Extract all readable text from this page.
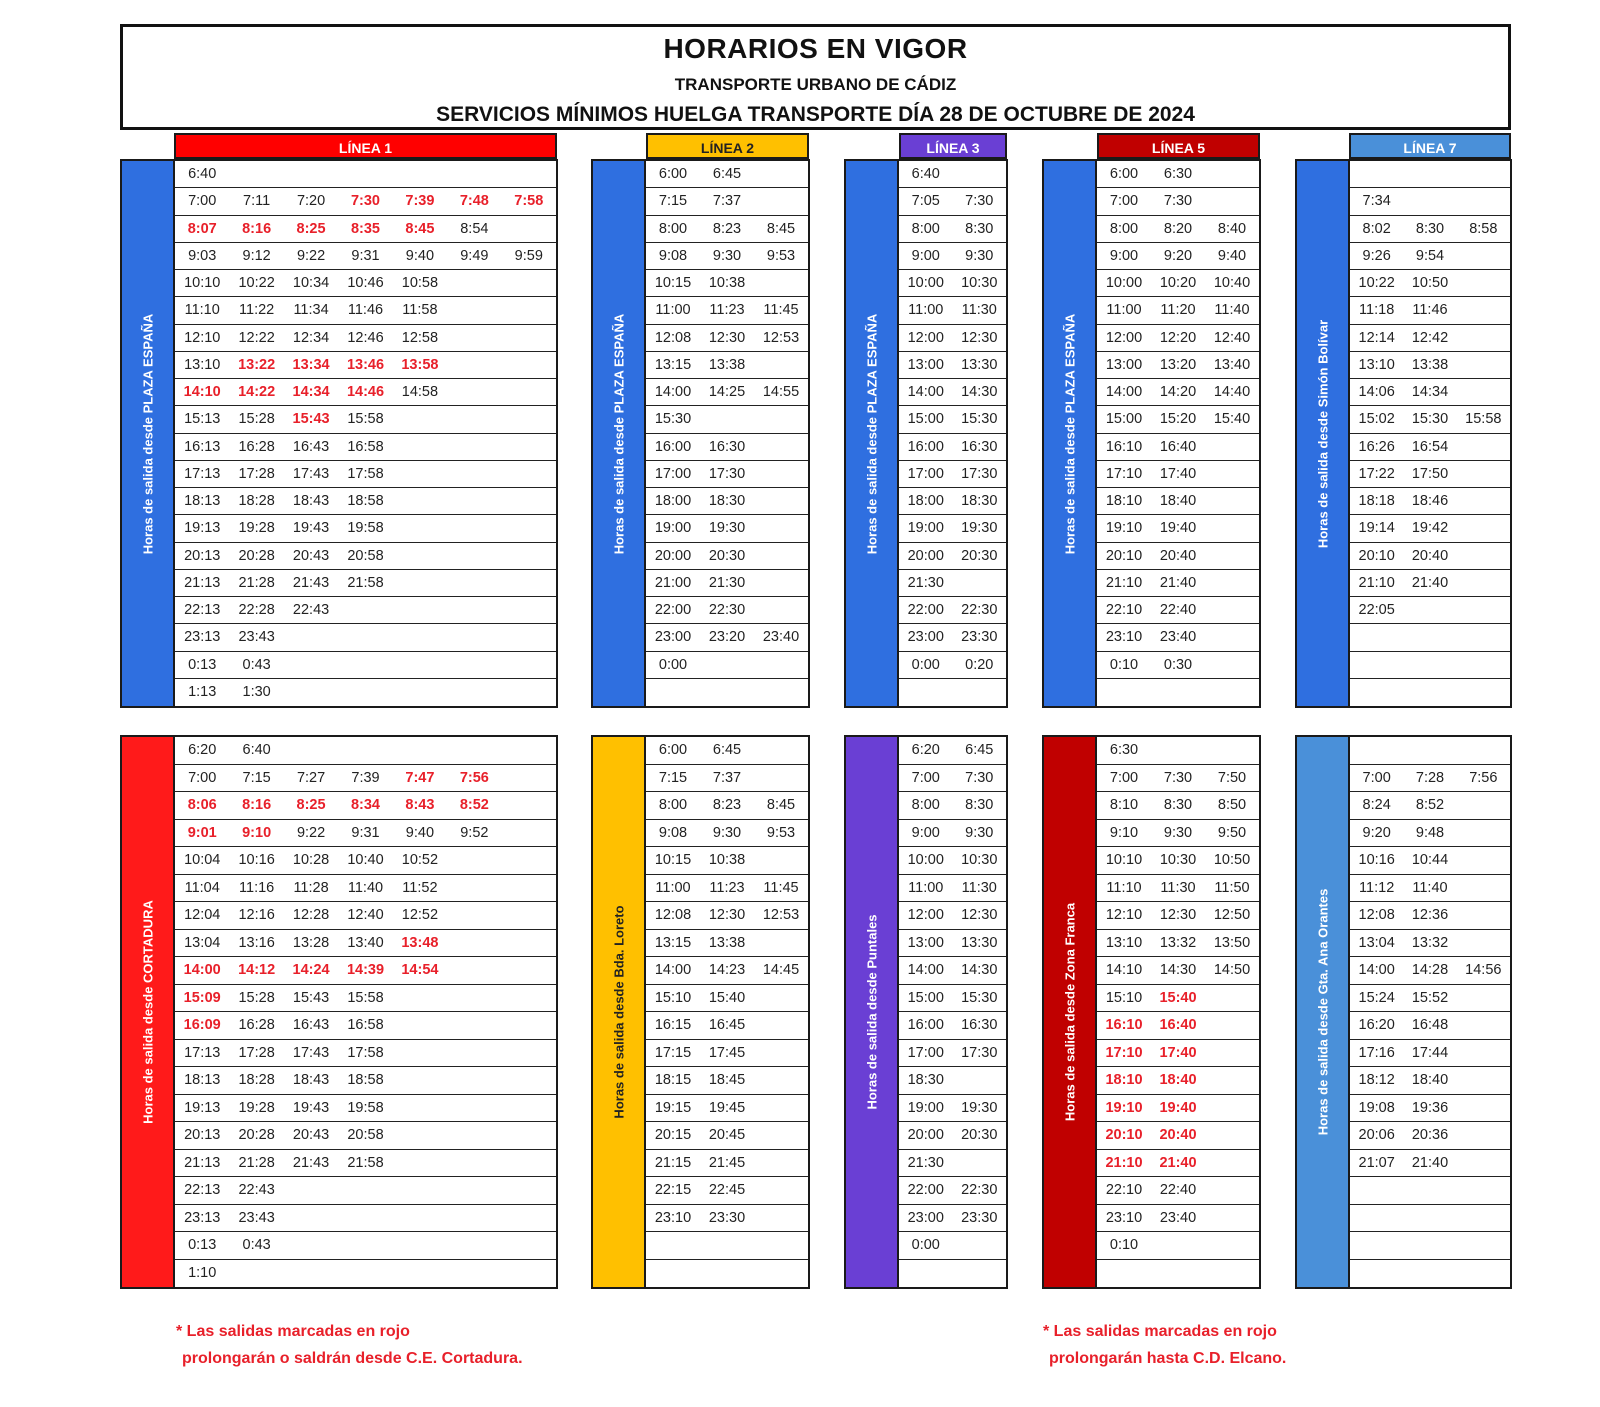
HORARIOS EN VIGOR
TRANSPORTE URBANO DE CÁDIZ
SERVICIOS MÍNIMOS HUELGA TRANSPORTE DÍA 28 DE OCTUBRE DE 2024
LÍNEA 1	LÍNEA 2	LÍNEA 3	LÍNEA 5	LÍNEA 7
Horas de salida desde PLAZA ESPAÑA
6:40
7:00	7:11	7:20	7:30	7:39	7:48	7:58
8:07	8:16	8:25	8:35	8:45	8:54
9:03	9:12	9:22	9:31	9:40	9:49	9:59
10:10	10:22	10:34	10:46	10:58
11:10	11:22	11:34	11:46	11:58
12:10	12:22	12:34	12:46	12:58
13:10	13:22	13:34	13:46	13:58
14:10	14:22	14:34	14:46	14:58
15:13	15:28	15:43	15:58
16:13	16:28	16:43	16:58
17:13	17:28	17:43	17:58
18:13	18:28	18:43	18:58
19:13	19:28	19:43	19:58
20:13	20:28	20:43	20:58
21:13	21:28	21:43	21:58
22:13	22:28	22:43
23:13	23:43
0:13	0:43
1:13	1:30
Horas de salida desde PLAZA ESPAÑA
6:00	6:45
7:15	7:37
8:00	8:23	8:45
9:08	9:30	9:53
10:15	10:38
11:00	11:23	11:45
12:08	12:30	12:53
13:15	13:38
14:00	14:25	14:55
15:30
16:00	16:30
17:00	17:30
18:00	18:30
19:00	19:30
20:00	20:30
21:00	21:30
22:00	22:30
23:00	23:20	23:40
0:00
Horas de salida desde PLAZA ESPAÑA
6:40
7:05	7:30
8:00	8:30
9:00	9:30
10:00	10:30
11:00	11:30
12:00	12:30
13:00	13:30
14:00	14:30
15:00	15:30
16:00	16:30
17:00	17:30
18:00	18:30
19:00	19:30
20:00	20:30
21:30
22:00	22:30
23:00	23:30
0:00	0:20
Horas de salida desde PLAZA ESPAÑA
6:00	6:30
7:00	7:30
8:00	8:20	8:40
9:00	9:20	9:40
10:00	10:20	10:40
11:00	11:20	11:40
12:00	12:20	12:40
13:00	13:20	13:40
14:00	14:20	14:40
15:00	15:20	15:40
16:10	16:40
17:10	17:40
18:10	18:40
19:10	19:40
20:10	20:40
21:10	21:40
22:10	22:40
23:10	23:40
0:10	0:30
Horas de salida desde Simón Bolívar
7:34
8:02	8:30	8:58
9:26	9:54
10:22	10:50
11:18	11:46
12:14	12:42
13:10	13:38
14:06	14:34
15:02	15:30	15:58
16:26	16:54
17:22	17:50
18:18	18:46
19:14	19:42
20:10	20:40
21:10	21:40
22:05
Horas de salida desde CORTADURA
6:20	6:40
7:00	7:15	7:27	7:39	7:47	7:56
8:06	8:16	8:25	8:34	8:43	8:52
9:01	9:10	9:22	9:31	9:40	9:52
10:04	10:16	10:28	10:40	10:52
11:04	11:16	11:28	11:40	11:52
12:04	12:16	12:28	12:40	12:52
13:04	13:16	13:28	13:40	13:48
14:00	14:12	14:24	14:39	14:54
15:09	15:28	15:43	15:58
16:09	16:28	16:43	16:58
17:13	17:28	17:43	17:58
18:13	18:28	18:43	18:58
19:13	19:28	19:43	19:58
20:13	20:28	20:43	20:58
21:13	21:28	21:43	21:58
22:13	22:43
23:13	23:43
0:13	0:43
1:10
Horas de salida desde Bda. Loreto
6:00	6:45
7:15	7:37
8:00	8:23	8:45
9:08	9:30	9:53
10:15	10:38
11:00	11:23	11:45
12:08	12:30	12:53
13:15	13:38
14:00	14:23	14:45
15:10	15:40
16:15	16:45
17:15	17:45
18:15	18:45
19:15	19:45
20:15	20:45
21:15	21:45
22:15	22:45
23:10	23:30
Horas de salida desde Puntales
6:20	6:45
7:00	7:30
8:00	8:30
9:00	9:30
10:00	10:30
11:00	11:30
12:00	12:30
13:00	13:30
14:00	14:30
15:00	15:30
16:00	16:30
17:00	17:30
18:30
19:00	19:30
20:00	20:30
21:30
22:00	22:30
23:00	23:30
0:00
Horas de salida desde Zona Franca
6:30
7:00	7:30	7:50
8:10	8:30	8:50
9:10	9:30	9:50
10:10	10:30	10:50
11:10	11:30	11:50
12:10	12:30	12:50
13:10	13:32	13:50
14:10	14:30	14:50
15:10	15:40
16:10	16:40
17:10	17:40
18:10	18:40
19:10	19:40
20:10	20:40
21:10	21:40
22:10	22:40
23:10	23:40
0:10
Horas de salida desde Gta. Ana Orantes
7:00	7:28	7:56
8:24	8:52
9:20	9:48
10:16	10:44
11:12	11:40
12:08	12:36
13:04	13:32
14:00	14:28	14:56
15:24	15:52
16:20	16:48
17:16	17:44
18:12	18:40
19:08	19:36
20:06	20:36
21:07	21:40
* Las salidas marcadas en rojo
prolongarán o saldrán desde C.E. Cortadura.
* Las salidas marcadas en rojo
prolongarán hasta C.D. Elcano.
